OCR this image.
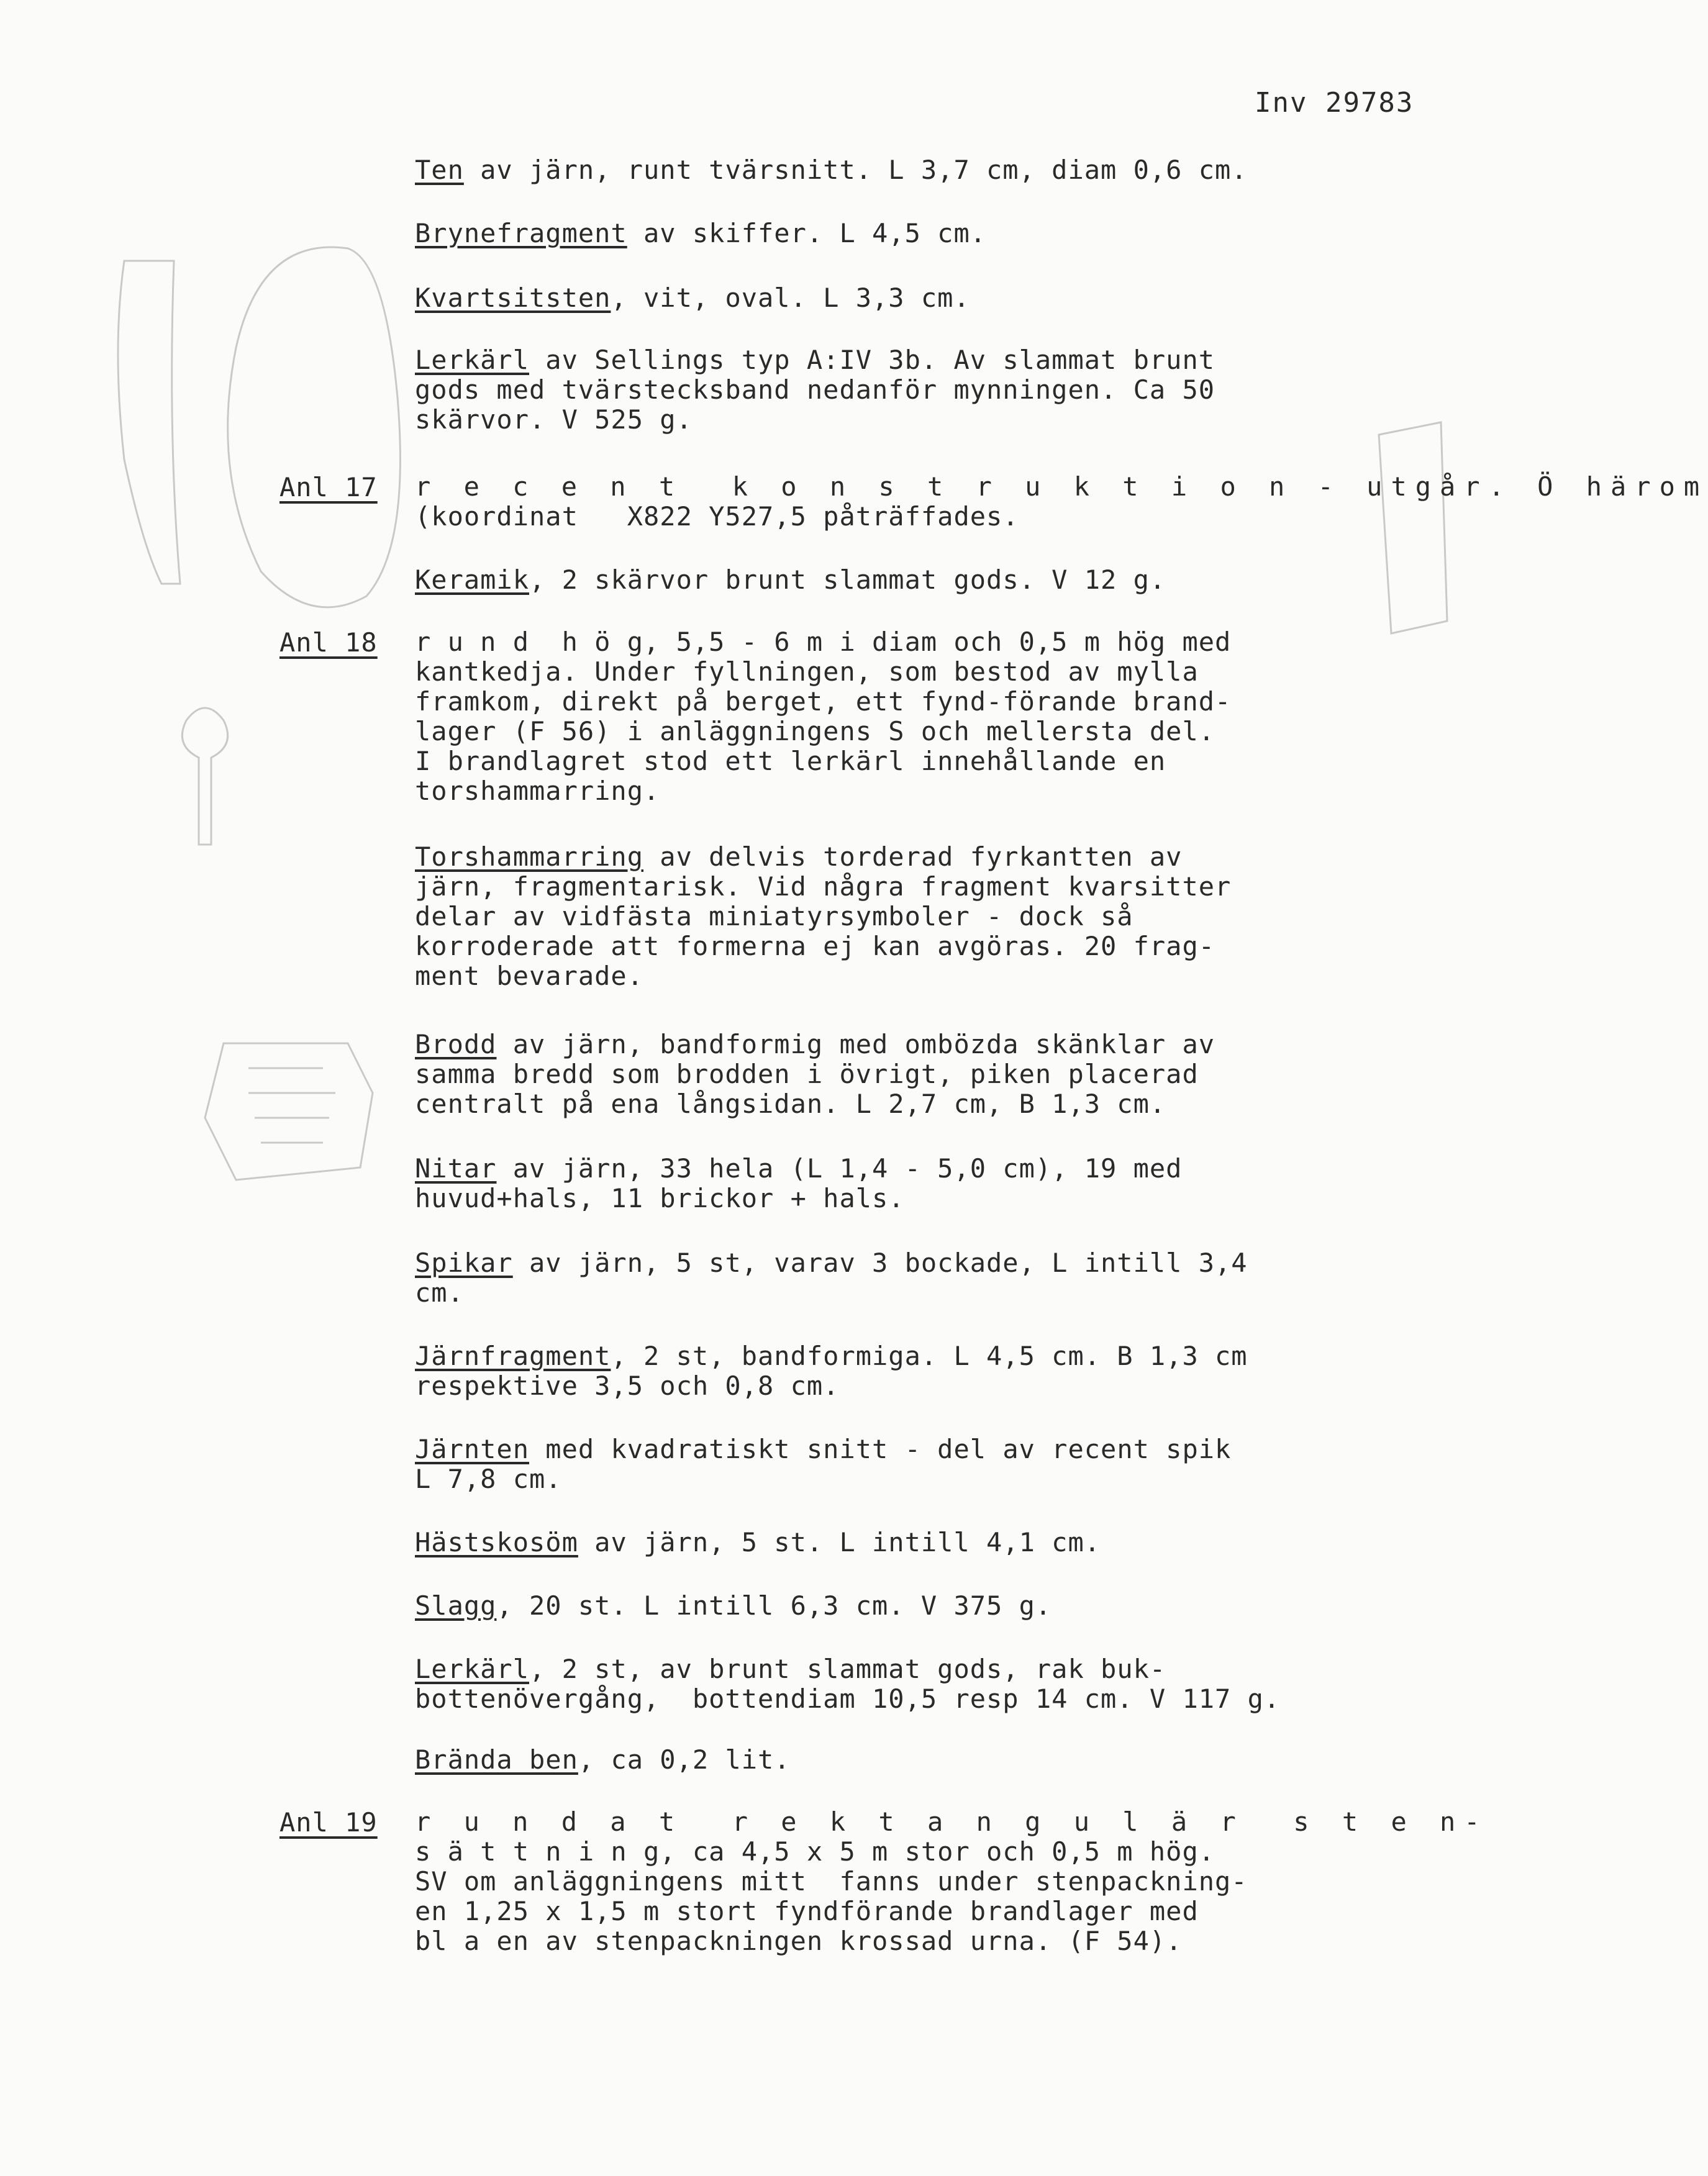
Inv 29783
Ten av järn, runt tvärsnitt. L 3,7 cm, diam 0,6 cm.
Brynefragment av skiffer. L 4,5 cm.
Kvartsitsten, vit, oval. L 3,3 cm.
Lerkärl av Sellings typ A:IV 3b. Av slammat brunt
gods med tvärstecksband nedanför mynningen. Ca 50
skärvor. V 525 g.
Anl 17 r e c e n t  k o n s t r u k t i o n - utgår. Ö härom
(koordinat   X822 Y527,5 påträffades.
Keramik, 2 skärvor brunt slammat gods. V 12 g.
Anl 18 r u n d  h ö g, 5,5 - 6 m i diam och 0,5 m hög med
kantkedja. Under fyllningen, som bestod av mylla
framkom, direkt på berget, ett fynd-förande brand-
lager (F 56) i anläggningens S och mellersta del.
I brandlagret stod ett lerkärl innehållande en
torshammarring.
Torshammarring av delvis torderad fyrkantten av
järn, fragmentarisk. Vid några fragment kvarsitter
delar av vidfästa miniatyrsymboler - dock så
korroderade att formerna ej kan avgöras. 20 frag-
ment bevarade.
Brodd av järn, bandformig med ombözda skänklar av
samma bredd som brodden i övrigt, piken placerad
centralt på ena långsidan. L 2,7 cm, B 1,3 cm.
Nitar av järn, 33 hela (L 1,4 - 5,0 cm), 19 med
huvud+hals, 11 brickor + hals.
Spikar av järn, 5 st, varav 3 bockade, L intill 3,4
cm.
Järnfragment, 2 st, bandformiga. L 4,5 cm. B 1,3 cm
respektive 3,5 och 0,8 cm.
Järnten med kvadratiskt snitt - del av recent spik
L 7,8 cm.
Hästskosöm av järn, 5 st. L intill 4,1 cm.
Slagg, 20 st. L intill 6,3 cm. V 375 g.
Lerkärl, 2 st, av brunt slammat gods, rak buk-
bottenövergång,  bottendiam 10,5 resp 14 cm. V 117 g.
Brända ben, ca 0,2 lit.
Anl 19 r u n d a t  r e k t a n g u l ä r  s t e n-
s ä t t n i n g, ca 4,5 x 5 m stor och 0,5 m hög.
SV om anläggningens mitt  fanns under stenpackning-
en 1,25 x 1,5 m stort fyndförande brandlager med
bl a en av stenpackningen krossad urna. (F 54).
